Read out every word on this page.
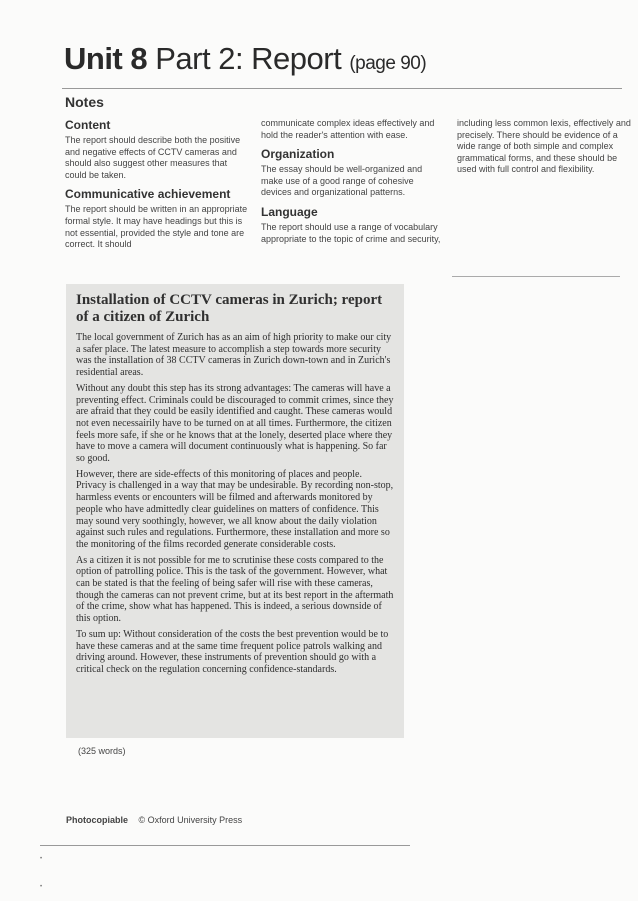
Unit 8 Part 2: Report (page 90)
Notes
Content

The report should describe both the positive and negative effects of CCTV cameras and should also suggest other measures that could be taken.

Communicative achievement

The report should be written in an appropriate formal style. It may have headings but this is not essential, provided the style and tone are correct. It should

communicate complex ideas effectively and hold the reader's attention with ease.

Organization

The essay should be well-organized and make use of a good range of cohesive devices and organizational patterns.

Language

The report should use a range of vocabulary appropriate to the topic of crime and security,

including less common lexis, effectively and precisely. There should be evidence of a wide range of both simple and complex grammatical forms, and these should be used with full control and flexibility.

Installation of CCTV cameras in Zurich; report of a citizen of Zurich

The local government of Zurich has as an aim of high priority to make our city a safer place. The latest measure to accomplish a step towards more security was the installation of 38 CCTV cameras in Zurich down-town and in Zurich's residential areas.

Without any doubt this step has its strong advantages: The cameras will have a preventing effect. Criminals could be discouraged to commit crimes, since they are afraid that they could be easily identified and caught. These cameras would not even necessairily have to be turned on at all times. Furthermore, the citizen feels more safe, if she or he knows that at the lonely, deserted place where they have to move a camera will document continuously what is happening. So far so good.

However, there are side-effects of this monitoring of places and people. Privacy is challenged in a way that may be undesirable. By recording non-stop, harmless events or encounters will be filmed and afterwards monitored by people who have admittedly clear guidelines on matters of confidence. This may sound very soothingly, however, we all know about the daily violation against such rules and regulations. Furthermore, these installation and more so the monitoring of the films recorded generate considerable costs.

As a citizen it is not possible for me to scrutinise these costs compared to the option of patrolling police. This is the task of the government. However, what can be stated is that the feeling of being safer will rise with these cameras, though the cameras can not prevent crime, but at its best report in the aftermath of the crime, show what has happened. This is indeed, a serious downside of this option.

To sum up: Without consideration of the costs the best prevention would be to have these cameras and at the same time frequent police patrols walking and driving around. However, these instruments of prevention should go with a critical check on the regulation concerning confidence-standards.

(325 words)
Photocopiable © Oxford University Press
•
•
